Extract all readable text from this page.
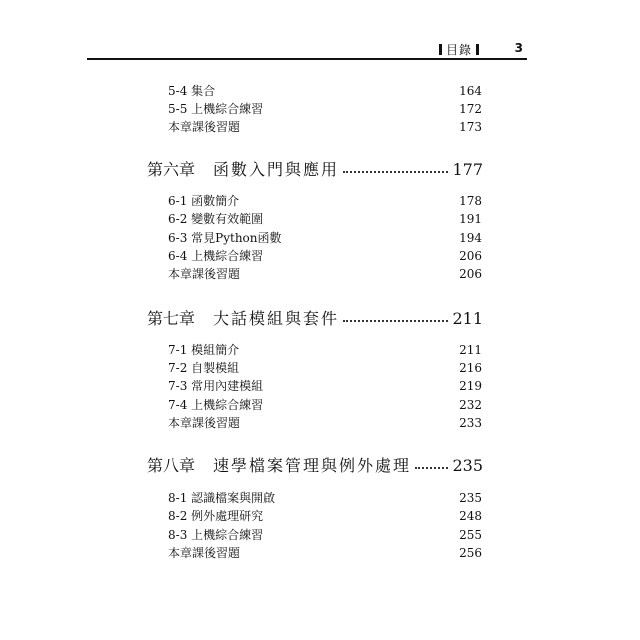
目錄	3
5-4 集合	164
5-5 上機綜合練習	172
本章課後習題	173
第六章 函數入門與應用	177
6-1 函數簡介	178
6-2 變數有效範圍	191
6-3 常見Python函數	194
6-4 上機綜合練習	206
本章課後習題	206
第七章 大話模組與套件	211
7-1 模組簡介	211
7-2 自製模組	216
7-3 常用內建模組	219
7-4 上機綜合練習	232
本章課後習題	233
第八章 速學檔案管理與例外處理	235
8-1 認識檔案與開啟	235
8-2 例外處理研究	248
8-3 上機綜合練習	255
本章課後習題	256
